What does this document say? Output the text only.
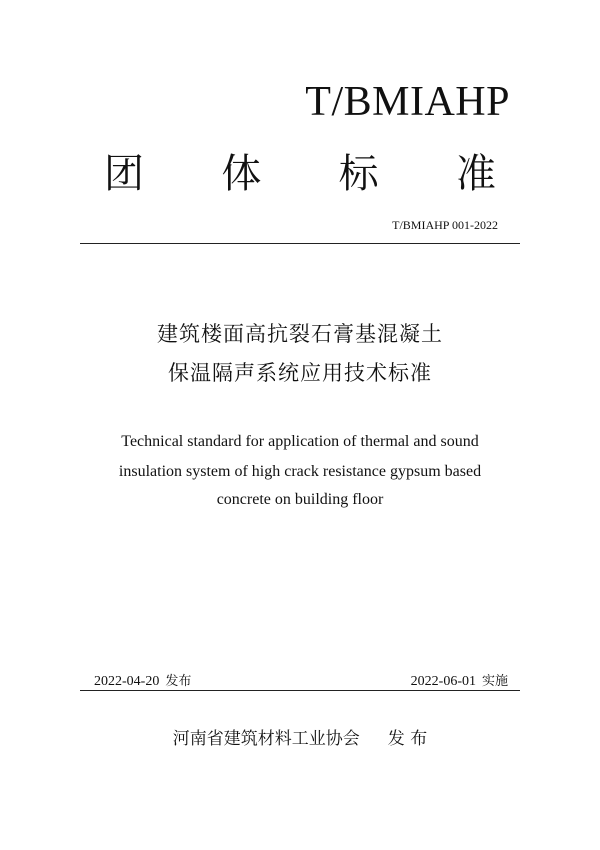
T/BMIAHP
团 体 标 准
T/BMIAHP 001-2022
建筑楼面高抗裂石膏基混凝土
保温隔声系统应用技术标准
Technical standard for application of thermal and sound
insulation system of high crack resistance gypsum based
concrete on building floor
2022-04-20 发布	2022-06-01 实施
河南省建筑材料工业协会 发 布
